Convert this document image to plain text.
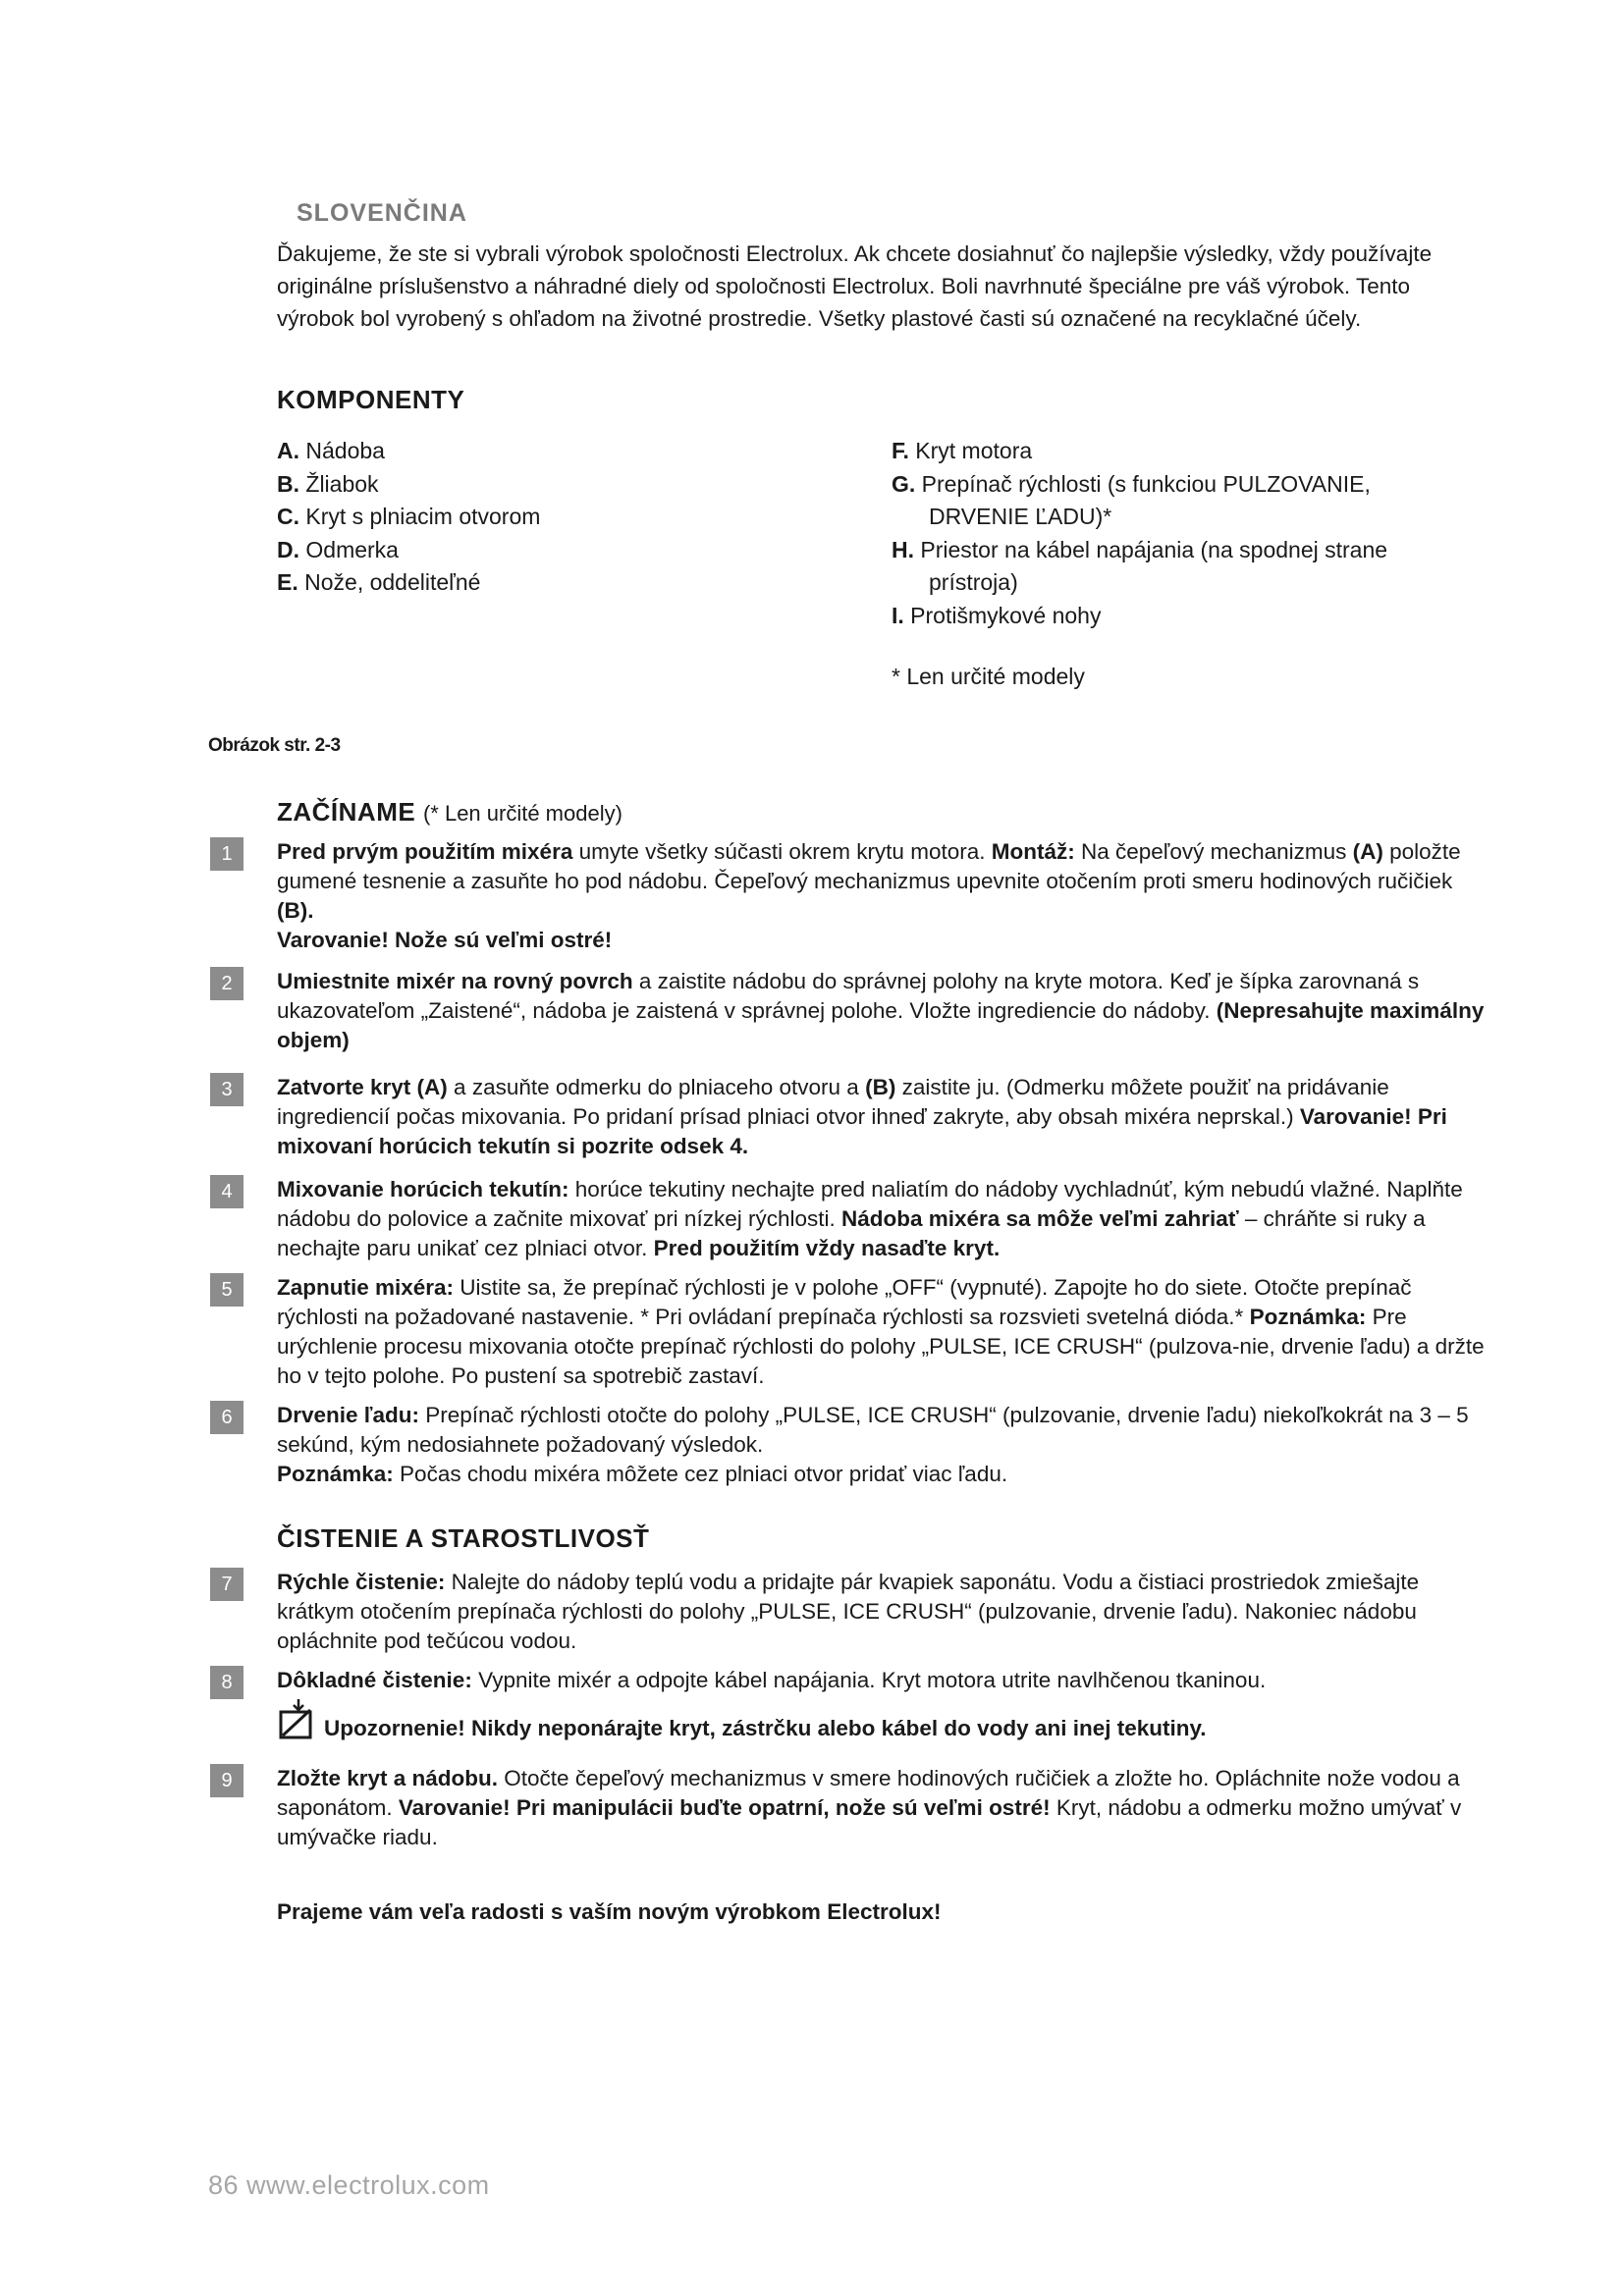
SLOVENČINA
Ďakujeme, že ste si vybrali výrobok spoločnosti Electrolux. Ak chcete dosiahnuť čo najlepšie výsledky, vždy používajte originálne príslušenstvo a náhradné diely od spoločnosti Electrolux. Boli navrhnuté špeciálne pre váš výrobok. Tento výrobok bol vyrobený s ohľadom na životné prostredie. Všetky plastové časti sú označené na recyklačné účely.
KOMPONENTY
A. Nádoba
B. Žliabok
C. Kryt s plniacim otvorom
D. Odmerka
E. Nože, oddeliteľné
F. Kryt motora
G. Prepínač rýchlosti (s funkciou PULZOVANIE,
DRVENIE ĽADU)*
H. Priestor na kábel napájania (na spodnej strane
prístroja)
I. Protišmykové nohy
* Len určité modely
Obrázok str. 2-3
ZAČÍNAME (* Len určité modely)
1	Pred prvým použitím mixéra umyte všetky súčasti okrem krytu motora. Montáž: Na čepeľový mechanizmus (A) položte gumené tesnenie a zasuňte ho pod nádobu. Čepeľový mechanizmus upevnite otočením proti smeru hodinových ručičiek (B).
Varovanie! Nože sú veľmi ostré!
2	Umiestnite mixér na rovný povrch a zaistite nádobu do správnej polohy na kryte motora. Keď je šípka zarovnaná s ukazovateľom „Zaistené“, nádoba je zaistená v správnej polohe. Vložte ingrediencie do nádoby. (Nepresahujte maximálny objem)
3	Zatvorte kryt (A) a zasuňte odmerku do plniaceho otvoru a (B) zaistite ju. (Odmerku môžete použiť na pridávanie ingrediencií počas mixovania. Po pridaní prísad plniaci otvor ihneď zakryte, aby obsah mixéra neprskal.) Varovanie! Pri mixovaní horúcich tekutín si pozrite odsek 4.
4	Mixovanie horúcich tekutín: horúce tekutiny nechajte pred naliatím do nádoby vychladnúť, kým nebudú vlažné. Naplňte nádobu do polovice a začnite mixovať pri nízkej rýchlosti. Nádoba mixéra sa môže veľmi zahriať – chráňte si ruky a nechajte paru unikať cez plniaci otvor. Pred použitím vždy nasaďte kryt.
5	Zapnutie mixéra: Uistite sa, že prepínač rýchlosti je v polohe „OFF“ (vypnuté). Zapojte ho do siete. Otočte prepínač rýchlosti na požadované nastavenie. * Pri ovládaní prepínača rýchlosti sa rozsvieti svetelná dióda.* Poznámka: Pre urýchlenie procesu mixovania otočte prepínač rýchlosti do polohy „PULSE, ICE CRUSH“ (pulzova-nie, drvenie ľadu) a držte ho v tejto polohe. Po pustení sa spotrebič zastaví.
6	Drvenie ľadu: Prepínač rýchlosti otočte do polohy „PULSE, ICE CRUSH“ (pulzovanie, drvenie ľadu) niekoľkokrát na 3 – 5 sekúnd, kým nedosiahnete požadovaný výsledok.
Poznámka: Počas chodu mixéra môžete cez plniaci otvor pridať viac ľadu.
ČISTENIE A STAROSTLIVOSŤ
7	Rýchle čistenie: Nalejte do nádoby teplú vodu a pridajte pár kvapiek saponátu. Vodu a čistiaci prostriedok zmiešajte krátkym otočením prepínača rýchlosti do polohy „PULSE, ICE CRUSH“ (pulzovanie, drvenie ľadu). Nakoniec nádobu opláchnite pod tečúcou vodou.
8	Dôkladné čistenie: Vypnite mixér a odpojte kábel napájania. Kryt motora utrite navlhčenou tkaninou.
Upozornenie! Nikdy neponárajte kryt, zástrčku alebo kábel do vody ani inej tekutiny.
9	Zložte kryt a nádobu. Otočte čepeľový mechanizmus v smere hodinových ručičiek a zložte ho. Opláchnite nože vodou a saponátom. Varovanie! Pri manipulácii buďte opatrní, nože sú veľmi ostré! Kryt, nádobu a odmerku možno umývať v umývačke riadu.
Prajeme vám veľa radosti s vaším novým výrobkom Electrolux!
86 www.electrolux.com
